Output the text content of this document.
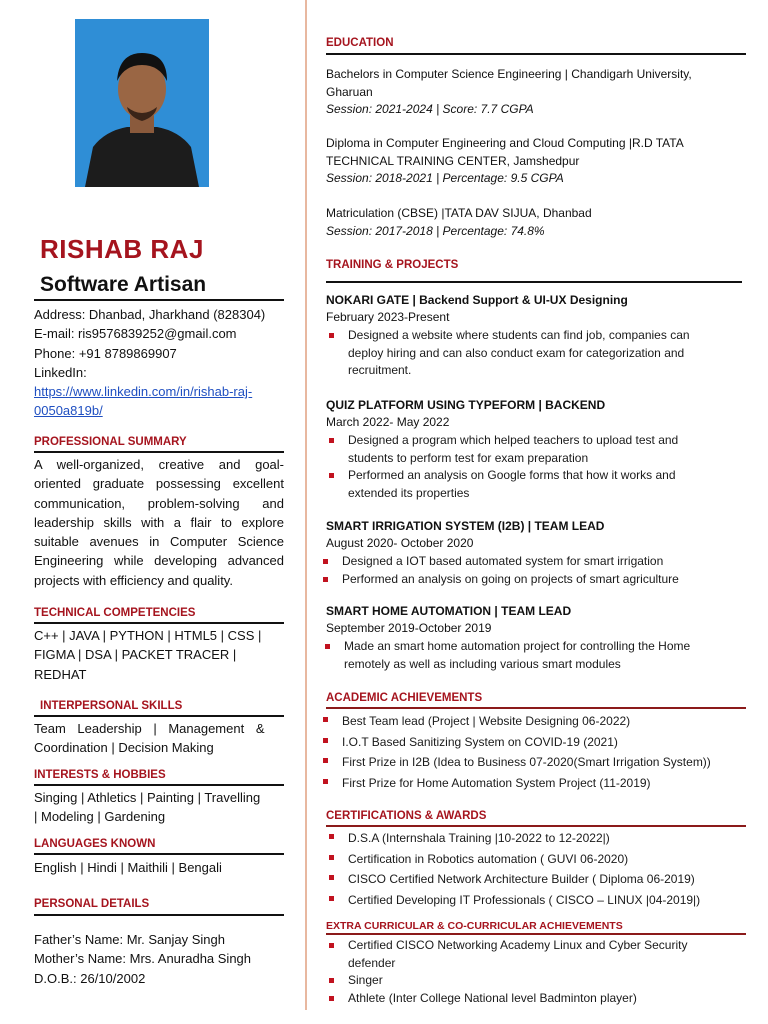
RISHAB RAJ
Software Artisan
Address: Dhanbad, Jharkhand (828304)
E-mail: ris9576839252@gmail.com
Phone: +91 8789869907
LinkedIn:
https://www.linkedin.com/in/rishab-raj-
0050a819b/
PROFESSIONAL SUMMARY
A well-organized, creative and goal-oriented graduate possessing excellent communication, problem-solving and leadership skills with a flair to explore suitable avenues in Computer Science Engineering while developing advanced projects with efficiency and quality.
TECHNICAL COMPETENCIES
C++ | JAVA | PYTHON | HTML5 | CSS |
FIGMA | DSA | PACKET TRACER |
REDHAT
INTERPERSONAL SKILLS
Team Leadership | Management &
Coordination | Decision Making
INTERESTS & HOBBIES
Singing | Athletics | Painting | Travelling
| Modeling | Gardening
LANGUAGES KNOWN
English | Hindi | Maithili | Bengali
PERSONAL DETAILS
Father’s Name: Mr. Sanjay Singh
Mother’s Name: Mrs. Anuradha Singh
D.O.B.: 26/10/2002
EDUCATION
Bachelors in Computer Science Engineering | Chandigarh University,
Gharuan
Session: 2021-2024 | Score: 7.7 CGPA
Diploma in Computer Engineering and Cloud Computing |R.D TATA
TECHNICAL TRAINING CENTER, Jamshedpur
Session: 2018-2021 | Percentage: 9.5 CGPA
Matriculation (CBSE) |TATA DAV SIJUA, Dhanbad
Session: 2017-2018 | Percentage: 74.8%
TRAINING & PROJECTS
NOKARI GATE | Backend Support & UI-UX Designing
February 2023-Present
Designed a website where students can find job, companies can deploy hiring and can also conduct exam for categorization and recruitment.
QUIZ PLATFORM USING TYPEFORM | BACKEND
March 2022- May 2022
Designed a program which helped teachers to upload test and students to perform test for exam preparation
Performed an analysis on Google forms that how it works and extended its properties
SMART IRRIGATION SYSTEM (I2B) | TEAM LEAD
August 2020- October 2020
Designed a IOT based automated system for smart irrigation
Performed an analysis on going on projects of smart agriculture
SMART HOME AUTOMATION | TEAM LEAD
September 2019-October 2019
Made an smart home automation project for controlling the Home remotely as well as including various smart modules
ACADEMIC ACHIEVEMENTS
Best Team lead (Project | Website Designing 06-2022)
I.O.T Based Sanitizing System on COVID-19 (2021)
First Prize in I2B (Idea to Business 07-2020(Smart Irrigation System))
First Prize for Home Automation System Project (11-2019)
CERTIFICATIONS & AWARDS
D.S.A (Internshala Training |10-2022 to 12-2022|)
Certification in Robotics automation ( GUVI 06-2020)
CISCO Certified Network Architecture Builder ( Diploma 06-2019)
Certified Developing IT Professionals ( CISCO – LINUX |04-2019|)
EXTRA CURRICULAR & CO-CURRICULAR ACHIEVEMENTS
Certified CISCO Networking Academy Linux and Cyber Security defender
Singer
Athlete (Inter College National level Badminton player)
